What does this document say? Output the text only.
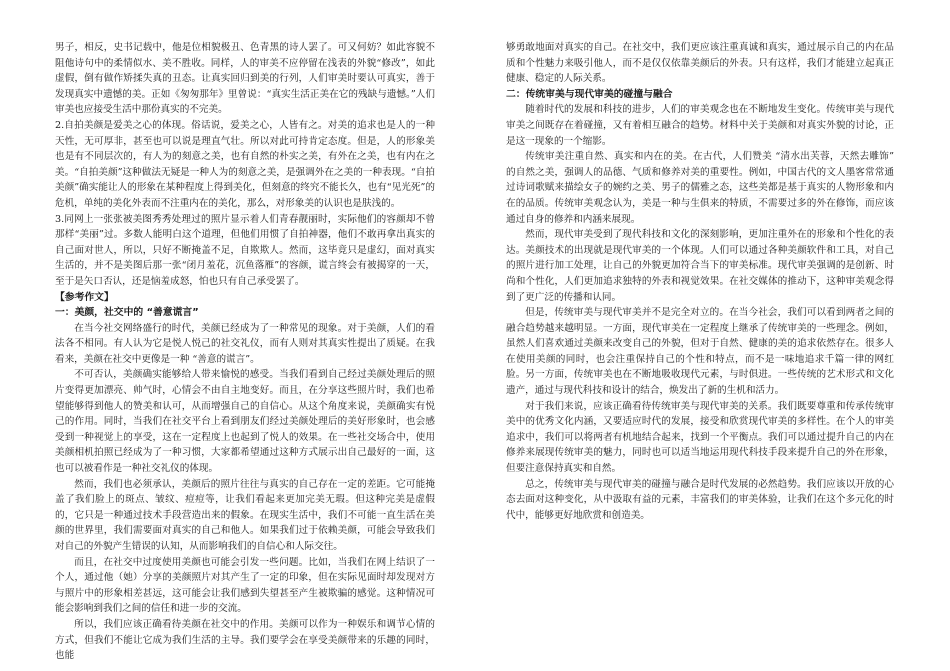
男子，相反，史书记载中，他是位相貌极丑、色青黑的诗人罢了。可又何妨？如此容貌不阻他诗句中的柔情似水、美不胜收。同样，人的审美不应停留在浅表的外貌“修改”，如此虚假，倒有做作矫揉失真的丑态。让真实回归到美的行列，人们审美时要认可真实，善于发现真实中遗憾的美。正如《匆匆那年》里曾说：“真实生活正美在它的残缺与遗憾。”人们审美也应接受生活中那份真实的不完美。

2.自拍美颜是爱美之心的体现。俗话说，爱美之心，人皆有之。对美的追求也是人的一种天性，无可厚非，甚至也可以说是理直气壮。所以对此可持肯定态度。但是，人的形象美也是有不同层次的，有人为的刻意之美，也有自然的朴实之美，有外在之美，也有内在之美。“自拍美颜”这种做法无疑是一种人为的刻意之美，是强调外在之美的一种表现。“自拍美颜”确实能让人的形象在某种程度上得到美化，但刻意的终究不能长久，也有“见光死”的危机，单纯的美化外表而不注重内在的美化，那么，对形象美的认识也是肤浅的。

3.同网上一张张被美图秀秀处理过的照片显示着人们青春靓丽时，实际他们的容颜却不曾那样“美丽”过。多数人能明白这个道理，但他们用惯了自拍神器，他们不敢再拿出真实的自己面对世人，所以，只好不断掩盖不足，自欺欺人。然而，这毕竟只是虚幻，面对真实生活的，并不是美图后那一张“闭月羞花，沉鱼落雁”的容颜，谎言终会有被揭穿的一天，至于是矢口否认，还是恼羞成怒，怕也只有自己承受罢了。

【参考作文】

一：美颜，社交中的 “善意谎言”

在当今社交网络盛行的时代，美颜已经成为了一种常见的现象。对于美颜，人们的看法各不相同。有人认为它是悦人悦己的社交礼仪，而有人则对其真实性提出了质疑。在我看来，美颜在社交中更像是一种 “善意的谎言”。

不可否认，美颜确实能够给人带来愉悦的感受。当我们看到自己经过美颜处理后的照片变得更加漂亮、帅气时，心情会不由自主地变好。而且，在分享这些照片时，我们也希望能够得到他人的赞美和认可，从而增强自己的自信心。从这个角度来说，美颜确实有悦己的作用。同时，当我们在社交平台上看到朋友们经过美颜处理后的美好形象时，也会感受到一种视觉上的享受，这在一定程度上也起到了悦人的效果。在一些社交场合中，使用美颜相机拍照已经成为了一种习惯，大家都希望通过这种方式展示出自己最好的一面，这也可以被看作是一种社交礼仪的体现。

然而，我们也必须承认，美颜后的照片往往与真实的自己存在一定的差距。它可能掩盖了我们脸上的斑点、皱纹、痘痘等，让我们看起来更加完美无瑕。但这种完美是虚假的，它只是一种通过技术手段营造出来的假象。在现实生活中，我们不可能一直生活在美颜的世界里，我们需要面对真实的自己和他人。如果我们过于依赖美颜，可能会导致我们对自己的外貌产生错误的认知，从而影响我们的自信心和人际交往。

而且，在社交中过度使用美颜也可能会引发一些问题。比如，当我们在网上结识了一个人，通过他（她）分享的美颜照片对其产生了一定的印象，但在实际见面时却发现对方与照片中的形象相差甚远，这可能会让我们感到失望甚至产生被欺骗的感觉。这种情况可能会影响到我们之间的信任和进一步的交流。

所以，我们应该正确看待美颜在社交中的作用。美颜可以作为一种娱乐和调节心情的方式，但我们不能让它成为我们生活的主导。我们要学会在享受美颜带来的乐趣的同时，也能

够勇敢地面对真实的自己。在社交中，我们更应该注重真诚和真实，通过展示自己的内在品质和个性魅力来吸引他人，而不是仅仅依靠美颜后的外表。只有这样，我们才能建立起真正健康、稳定的人际关系。

二：传统审美与现代审美的碰撞与融合

随着时代的发展和科技的进步，人们的审美观念也在不断地发生变化。传统审美与现代审美之间既存在着碰撞，又有着相互融合的趋势。材料中关于美颜和对真实外貌的讨论，正是这一现象的一个缩影。

传统审美注重自然、真实和内在的美。在古代，人们赞美 “清水出芙蓉，天然去雕饰” 的自然之美，强调人的品德、气质和修养对美的重要性。例如，中国古代的文人墨客常常通过诗词歌赋来描绘女子的婉约之美、男子的儒雅之态，这些美都是基于真实的人物形象和内在的品质。传统审美观念认为，美是一种与生俱来的特质，不需要过多的外在修饰，而应该通过自身的修养和内涵来展现。

然而，现代审美受到了现代科技和文化的深刻影响，更加注重外在的形象和个性化的表达。美颜技术的出现就是现代审美的一个体现。人们可以通过各种美颜软件和工具，对自己的照片进行加工处理，让自己的外貌更加符合当下的审美标准。现代审美强调的是创新、时尚和个性化，人们更加追求独特的外表和视觉效果。在社交媒体的推动下，这种审美观念得到了更广泛的传播和认同。

但是，传统审美与现代审美并不是完全对立的。在当今社会，我们可以看到两者之间的融合趋势越来越明显。一方面，现代审美在一定程度上继承了传统审美的一些理念。例如，虽然人们喜欢通过美颜来改变自己的外貌，但对于自然、健康的美的追求依然存在。很多人在使用美颜的同时，也会注重保持自己的个性和特点，而不是一味地追求千篇一律的网红脸。另一方面，传统审美也在不断地吸收现代元素，与时俱进。一些传统的艺术形式和文化遗产，通过与现代科技和设计的结合，焕发出了新的生机和活力。

对于我们来说，应该正确看待传统审美与现代审美的关系。我们既要尊重和传承传统审美中的优秀文化内涵，又要适应时代的发展，接受和欣赏现代审美的多样性。在个人的审美追求中，我们可以将两者有机地结合起来，找到一个平衡点。我们可以通过提升自己的内在修养来展现传统审美的魅力，同时也可以适当地运用现代科技手段来提升自己的外在形象，但要注意保持真实和自然。

总之，传统审美与现代审美的碰撞与融合是时代发展的必然趋势。我们应该以开放的心态去面对这种变化，从中汲取有益的元素，丰富我们的审美体验，让我们在这个多元化的时代中，能够更好地欣赏和创造美。
